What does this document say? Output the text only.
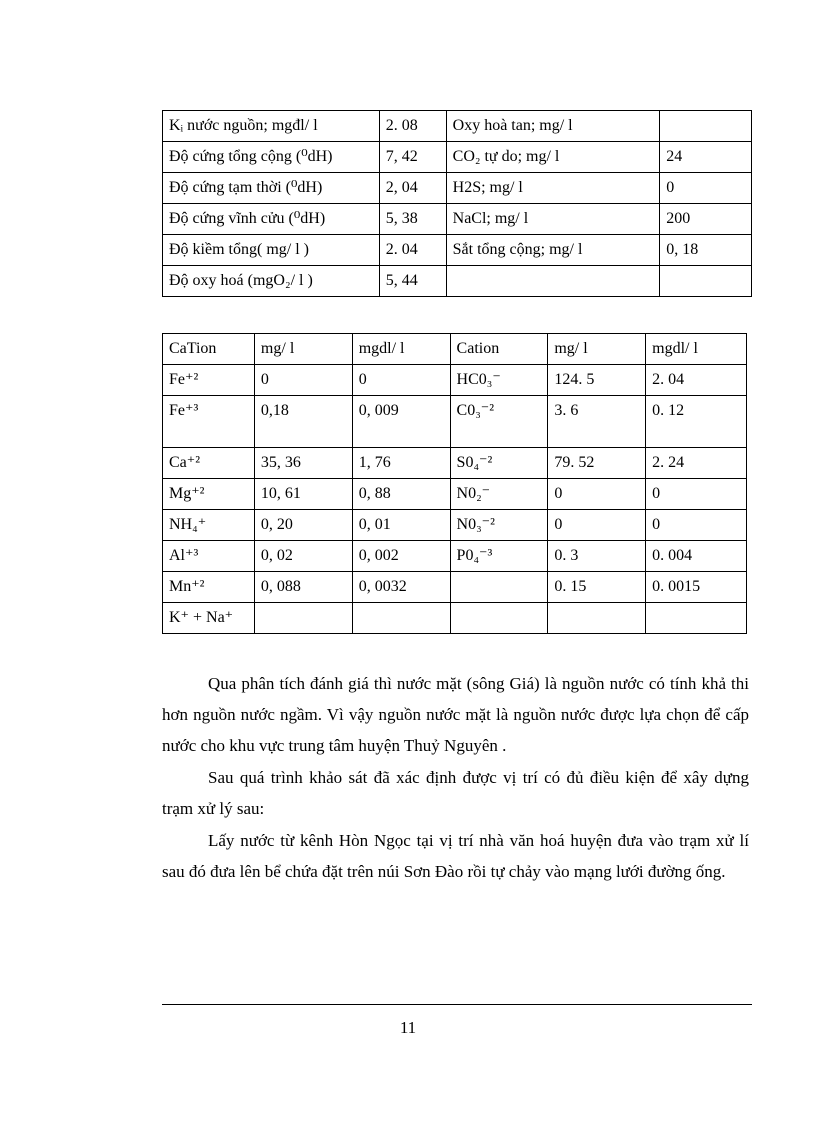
Kᵢ nước nguồn; mgđl/ l	2. 08	Oxy hoà tan; mg/ l	
Độ cứng tổng cộng (⁰dH)	7, 42	CO₂ tự do; mg/ l	24
Độ cứng tạm thời (⁰dH)	2, 04	H2S; mg/ l	0
Độ cứng vĩnh cửu (⁰dH)	5, 38	NaCl; mg/ l	200
Độ kiềm tổng( mg/ l )	2. 04	Sắt tổng cộng; mg/ l	0, 18
Độ oxy hoá (mgO₂/ l )	5, 44		
CaTion	mg/ l	mgdl/ l	Cation	mg/ l	mgdl/ l
Fe⁺²	0	0	HC0₃⁻	124. 5	2. 04
Fe⁺³	0,18	0, 009	C0₃⁻²	3. 6	0. 12
Ca⁺²	35, 36	1, 76	S0₄⁻²	79. 52	2. 24
Mg⁺²	10, 61	0, 88	N0₂⁻	0	0
NH₄⁺	0, 20	0, 01	N0₃⁻²	0	0
Al⁺³	0, 02	0, 002	P0₄⁻³	0. 3	0. 004
Mn⁺²	0, 088	0, 0032		0. 15	0. 0015
K⁺ + Na⁺					

Qua phân tích đánh giá thì nước mặt (sông Giá) là nguồn nước có tính khả thi hơn nguồn nước ngầm. Vì vậy nguồn nước mặt là nguồn nước được lựa chọn để cấp nước cho khu vực trung tâm huyện Thuỷ Nguyên .

Sau quá trình khảo sát đã xác định được vị trí có đủ điều kiện để xây dựng trạm xử lý sau:

Lấy nước từ kênh Hòn Ngọc tại vị trí nhà văn hoá huyện đưa vào trạm xử lí sau đó đưa lên bể chứa đặt trên núi Sơn Đào rồi tự chảy vào mạng lưới đường ống.

11
